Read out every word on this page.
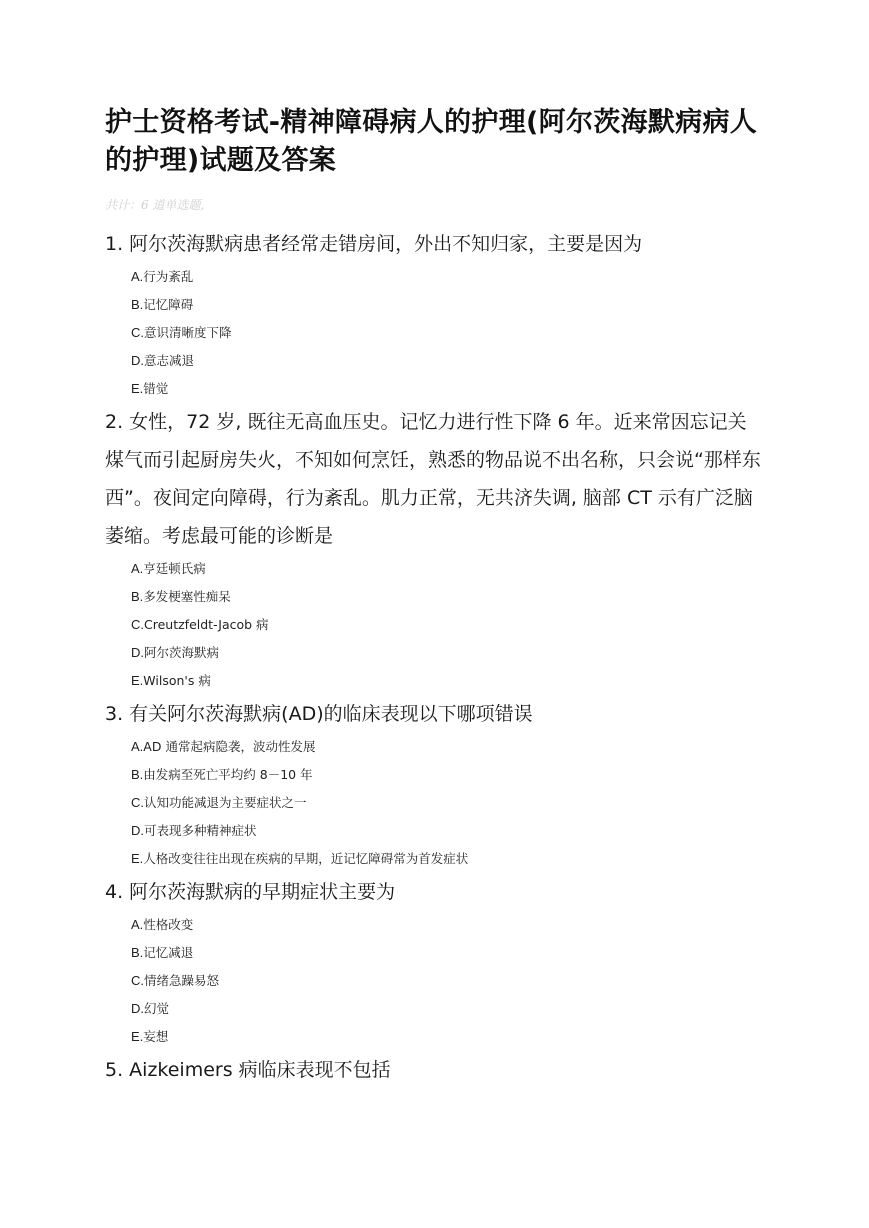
护士资格考试-精神障碍病人的护理(阿尔茨海默病病人的护理)试题及答案
共计：6 道单选题,

1. 阿尔茨海默病患者经常走错房间，外出不知归家，主要是因为

A.行为紊乱
B.记忆障碍
C.意识清晰度下降
D.意志减退
E.错觉

2. 女性，72 岁, 既往无高血压史。记忆力进行性下降 6 年。近来常因忘记关煤气而引起厨房失火，不知如何烹饪，熟悉的物品说不出名称，只会说“那样东西”。夜间定向障碍，行为紊乱。肌力正常，无共济失调, 脑部 CT 示有广泛脑萎缩。考虑最可能的诊断是

A.亨廷顿氏病
B.多发梗塞性痴呆
C.Creutzfeldt-Jacob 病
D.阿尔茨海默病
E.Wilson's 病

3. 有关阿尔茨海默病(AD)的临床表现以下哪项错误

A.AD 通常起病隐袭，波动性发展
B.由发病至死亡平均约 8－10 年
C.认知功能减退为主要症状之一
D.可表现多种精神症状
E.人格改变往往出现在疾病的早期，近记忆障碍常为首发症状

4. 阿尔茨海默病的早期症状主要为

A.性格改变
B.记忆减退
C.情绪急躁易怒
D.幻觉
E.妄想

5. Aizkeimers 病临床表现不包括
